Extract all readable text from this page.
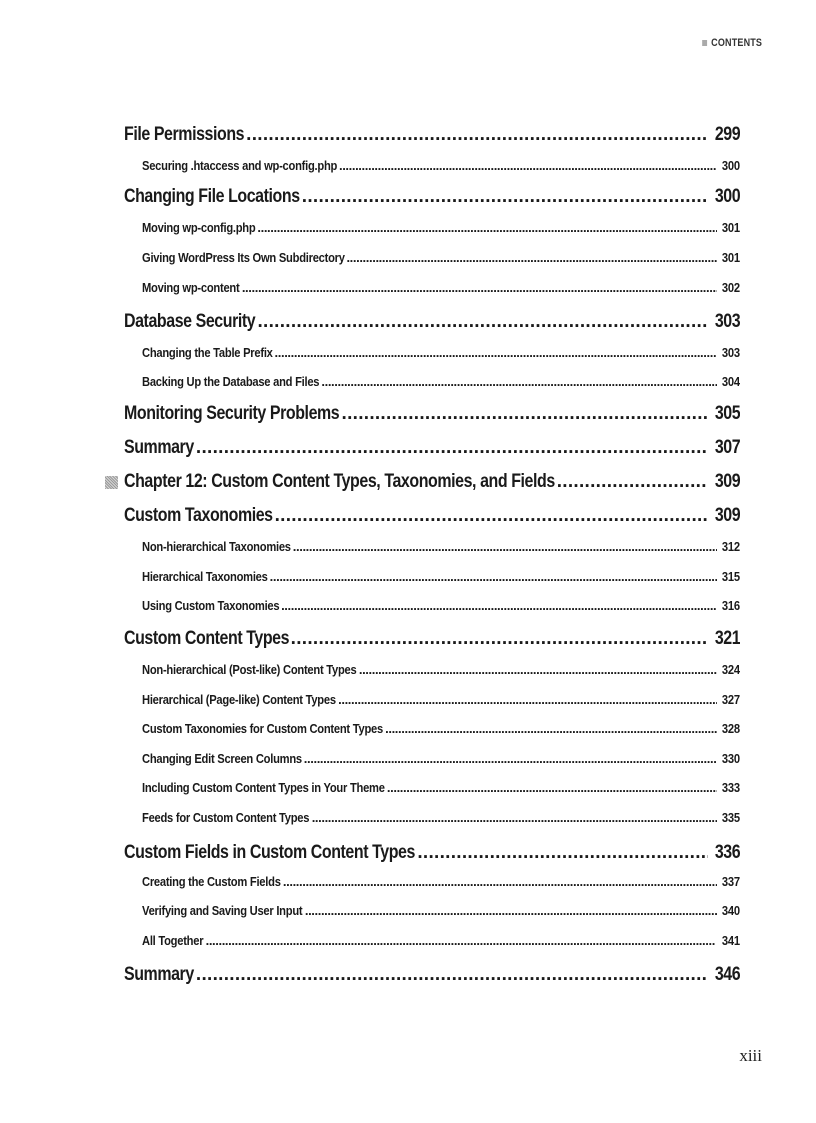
CONTENTS
File Permissions . . .	299
Securing .htaccess and wp-config.php . . .	300
Changing File Locations . . .	300
Moving wp-config.php . . .	301
Giving WordPress Its Own Subdirectory . . .	301
Moving wp-content . . .	302
Database Security . . .	303
Changing the Table Prefix . . .	303
Backing Up the Database and Files . . .	304
Monitoring Security Problems . . .	305
Summary . . .	307
Chapter 12: Custom Content Types, Taxonomies, and Fields . . .	309
Custom Taxonomies . . .	309
Non-hierarchical Taxonomies . . .	312
Hierarchical Taxonomies . . .	315
Using Custom Taxonomies . . .	316
Custom Content Types . . .	321
Non-hierarchical (Post-like) Content Types . . .	324
Hierarchical (Page-like) Content Types . . .	327
Custom Taxonomies for Custom Content Types . . .	328
Changing Edit Screen Columns . . .	330
Including Custom Content Types in Your Theme . . .	333
Feeds for Custom Content Types . . .	335
Custom Fields in Custom Content Types . . .	336
Creating the Custom Fields . . .	337
Verifying and Saving User Input . . .	340
All Together . . .	341
Summary . . .	346
xiii
